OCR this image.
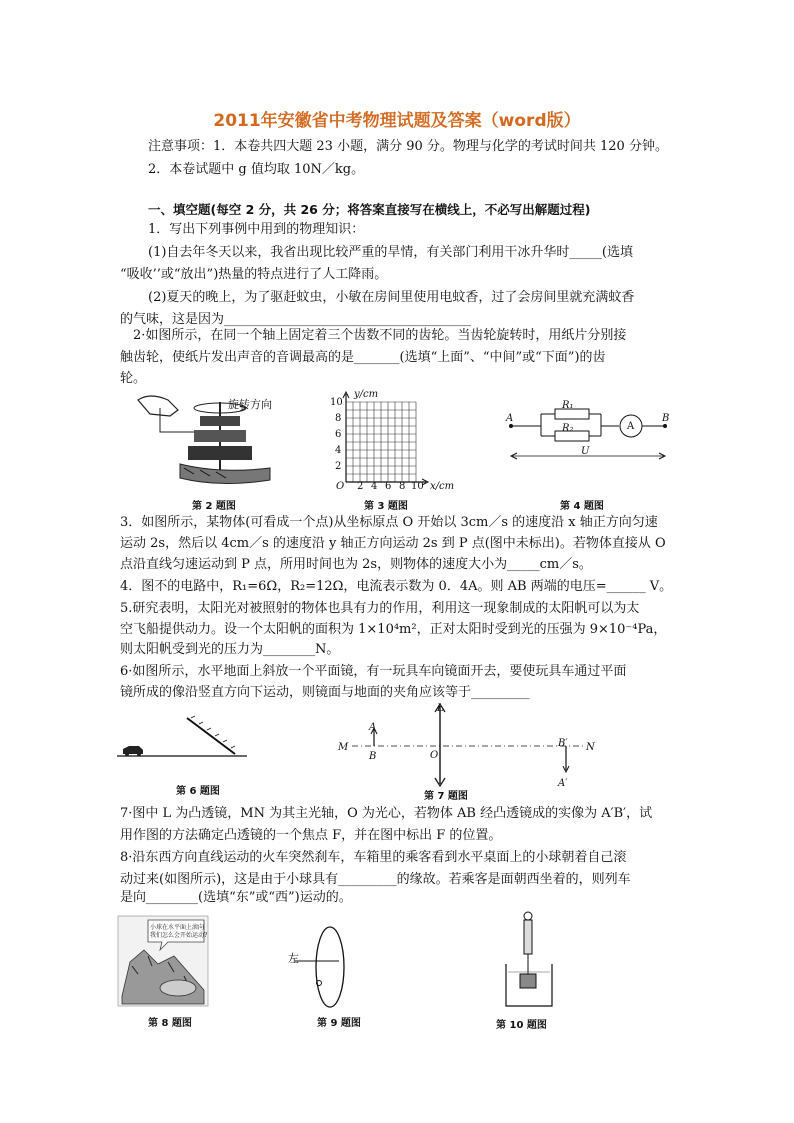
2011年安徽省中考物理试题及答案（word版）
注意事项：1．本卷共四大题 23 小题，满分 90 分。物理与化学的考试时间共 120 分钟。
2．本卷试题中 g 值均取 10N／kg。
一、填空题(每空 2 分，共 26 分；将答案直接写在横线上，不必写出解题过程)
1．写出下列事例中用到的物理知识：
(1)自去年冬天以来，我省出现比较严重的旱情，有关部门利用干冰升华时_____(选填
“吸收’’或“放出”)热量的特点进行了人工降雨。
(2)夏天的晚上，为了驱赶蚊虫，小敏在房间里使用电蚊香，过了会房间里就充满蚊香
的气味，这是因为______________________________________
2·如图所示，在同一个轴上固定着三个齿数不同的齿轮。当齿轮旋转时，用纸片分别接
触齿轮，使纸片发出声音的音调最高的是_______(选填“上面”、“中间”或“下面”)的齿
轮。
旋转方向
第 2 题图
y/cm
x/cm
O
10
8
6
4
2
2 4 6 8 10
第 3 题图
A	B
R₁
R₂	A
U
第 4 题图
3．如图所示，某物体(可看成一个点)从坐标原点 O 开始以 3cm／s 的速度沿 x 轴正方向匀速
运动 2s，然后以 4cm／s 的速度沿 y 轴正方向运动 2s 到 P 点(图中未标出)。若物体直接从 O
点沿直线匀速运动到 P 点，所用时间也为 2s，则物体的速度大小为_____cm／s。
4．图不的电路中，R₁=6Ω，R₂=12Ω，电流表示数为 0．4A。则 AB 两端的电压=______ V。
5.研究表明，太阳光对被照射的物体也具有力的作用，利用这一现象制成的太阳帆可以为太
空飞船提供动力。设一个太阳帆的面积为 1×10⁴m²，正对太阳时受到光的压强为 9×10⁻⁴Pa，
则太阳帆受到光的压力为________N。
6·如图所示，水平地面上斜放一个平面镜，有一玩具车向镜面开去，要使玩具车通过平面
镜所成的像沿竖直方向下运动，则镜面与地面的夹角应该等于_________
第 6 题图
L
M	N
O
A
B
B′
A′
第 7 题图
7·图中 L 为凸透镜，MN 为其主光轴，O 为光心，若物体 AB 经凸透镜成的实像为 A′B′，试
用作图的方法确定凸透镜的一个焦点 F，并在图中标出 F 的位置。
8·沿东西方向直线运动的火车突然刹车，车箱里的乘客看到水平桌面上的小球朝着自己滚
动过来(如图所示)，这是由于小球具有_________的缘故。若乘客是面朝西坐着的，则列车
是向________(选填“东”或“西”)运动的。
小球在水平面上滚向
我们怎么会开始运动?
第 8 题图
左
第 9 题图	第 10 题图
